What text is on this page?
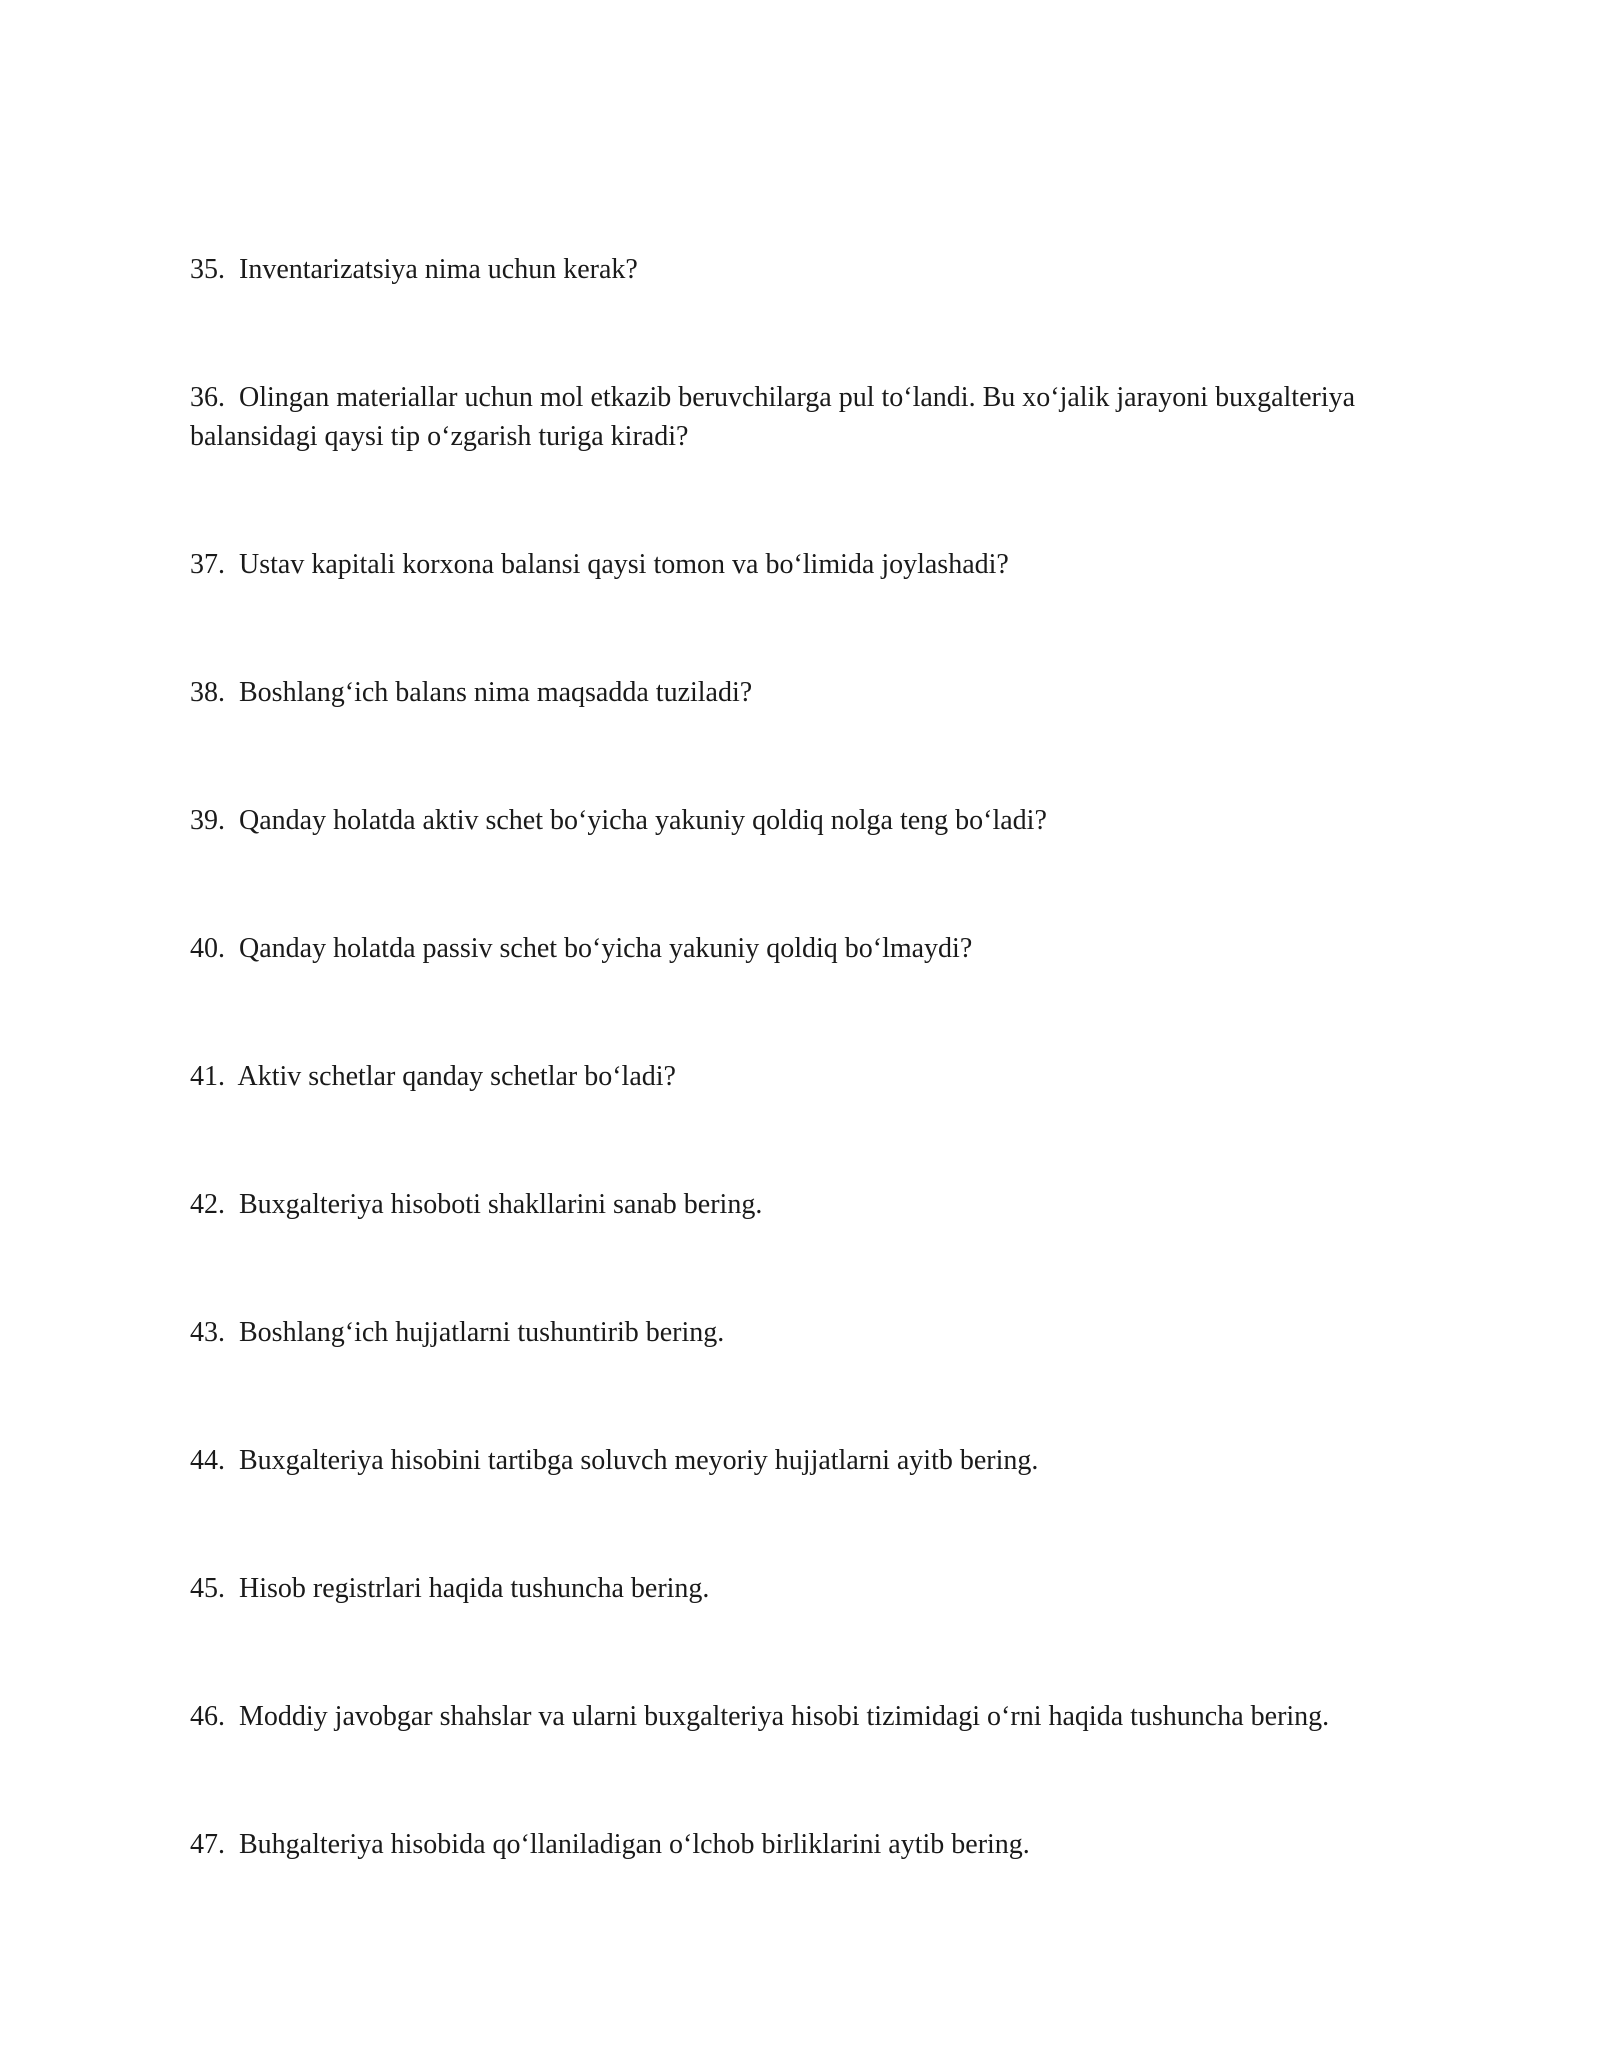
35. Inventarizatsiya nima uchun kerak?
36. Olingan materiallar uchun mol etkazib beruvchilarga pul to‘landi. Bu xo‘jalik jarayoni buxgalteriya balansidagi qaysi tip o‘zgarish turiga kiradi?
37. Ustav kapitali korxona balansi qaysi tomon va bo‘limida joylashadi?
38. Boshlang‘ich balans nima maqsadda tuziladi?
39. Qanday holatda aktiv schet bo‘yicha yakuniy qoldiq nolga teng bo‘ladi?
40. Qanday holatda passiv schet bo‘yicha yakuniy qoldiq bo‘lmaydi?
41. Aktiv schetlar qanday schetlar bo‘ladi?
42. Buxgalteriya hisoboti shakllarini sanab bering.
43. Boshlang‘ich hujjatlarni tushuntirib bering.
44. Buxgalteriya hisobini tartibga soluvch meyoriy hujjatlarni ayitb bering.
45. Hisob registrlari haqida tushuncha bering.
46. Moddiy javobgar shahslar va ularni buxgalteriya hisobi tizimidagi o‘rni haqida tushuncha bering.
47. Buhgalteriya hisobida qo‘llaniladigan o‘lchob birliklarini aytib bering.
